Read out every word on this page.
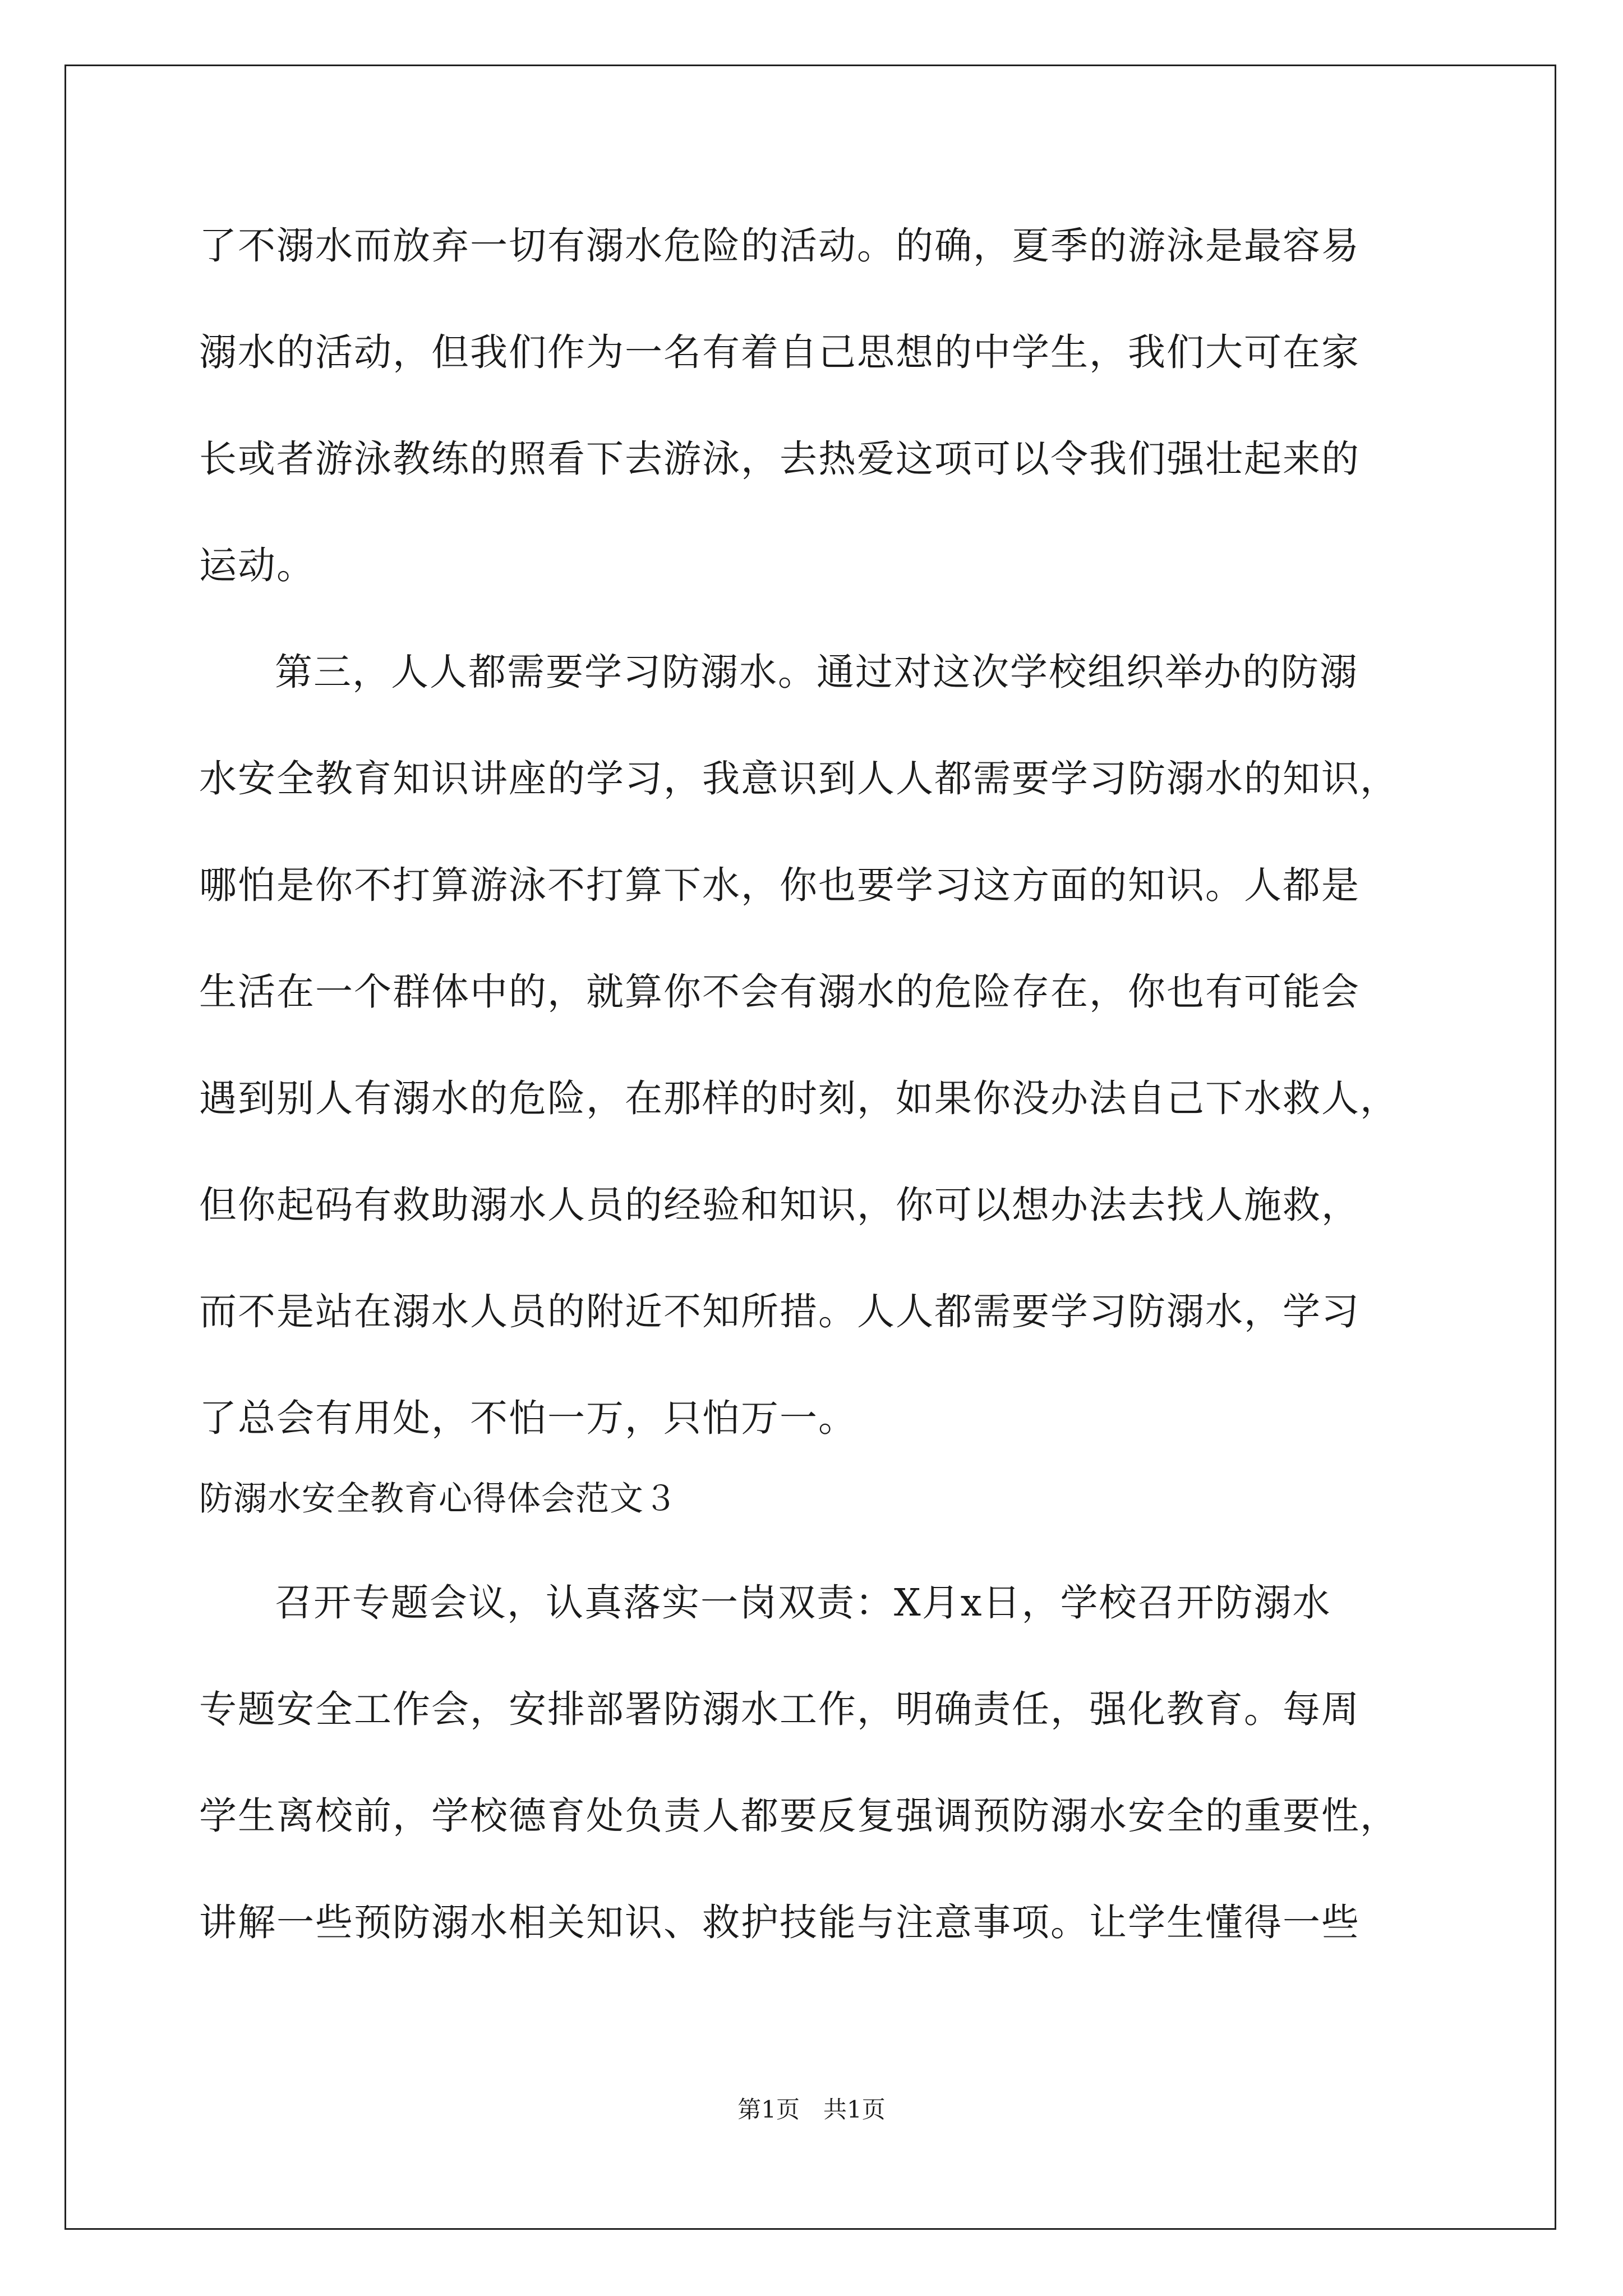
了不溺水而放弃一切有溺水危险的活动。的确，夏季的游泳是最容易
溺水的活动，但我们作为一名有着自己思想的中学生，我们大可在家
长或者游泳教练的照看下去游泳，去热爱这项可以令我们强壮起来的
运动。
第三，人人都需要学习防溺水。通过对这次学校组织举办的防溺
水安全教育知识讲座的学习，我意识到人人都需要学习防溺水的知识，
哪怕是你不打算游泳不打算下水，你也要学习这方面的知识。人都是
生活在一个群体中的，就算你不会有溺水的危险存在，你也有可能会
遇到别人有溺水的危险，在那样的时刻，如果你没办法自己下水救人，
但你起码有救助溺水人员的经验和知识，你可以想办法去找人施救，
而不是站在溺水人员的附近不知所措。人人都需要学习防溺水，学习
了总会有用处，不怕一万，只怕万一。
防溺水安全教育心得体会范文３
召开专题会议，认真落实一岗双责：X月x日，学校召开防溺水
专题安全工作会，安排部署防溺水工作，明确责任，强化教育。每周
学生离校前，学校德育处负责人都要反复强调预防溺水安全的重要性，
讲解一些预防溺水相关知识、救护技能与注意事项。让学生懂得一些
第1页　共1页
